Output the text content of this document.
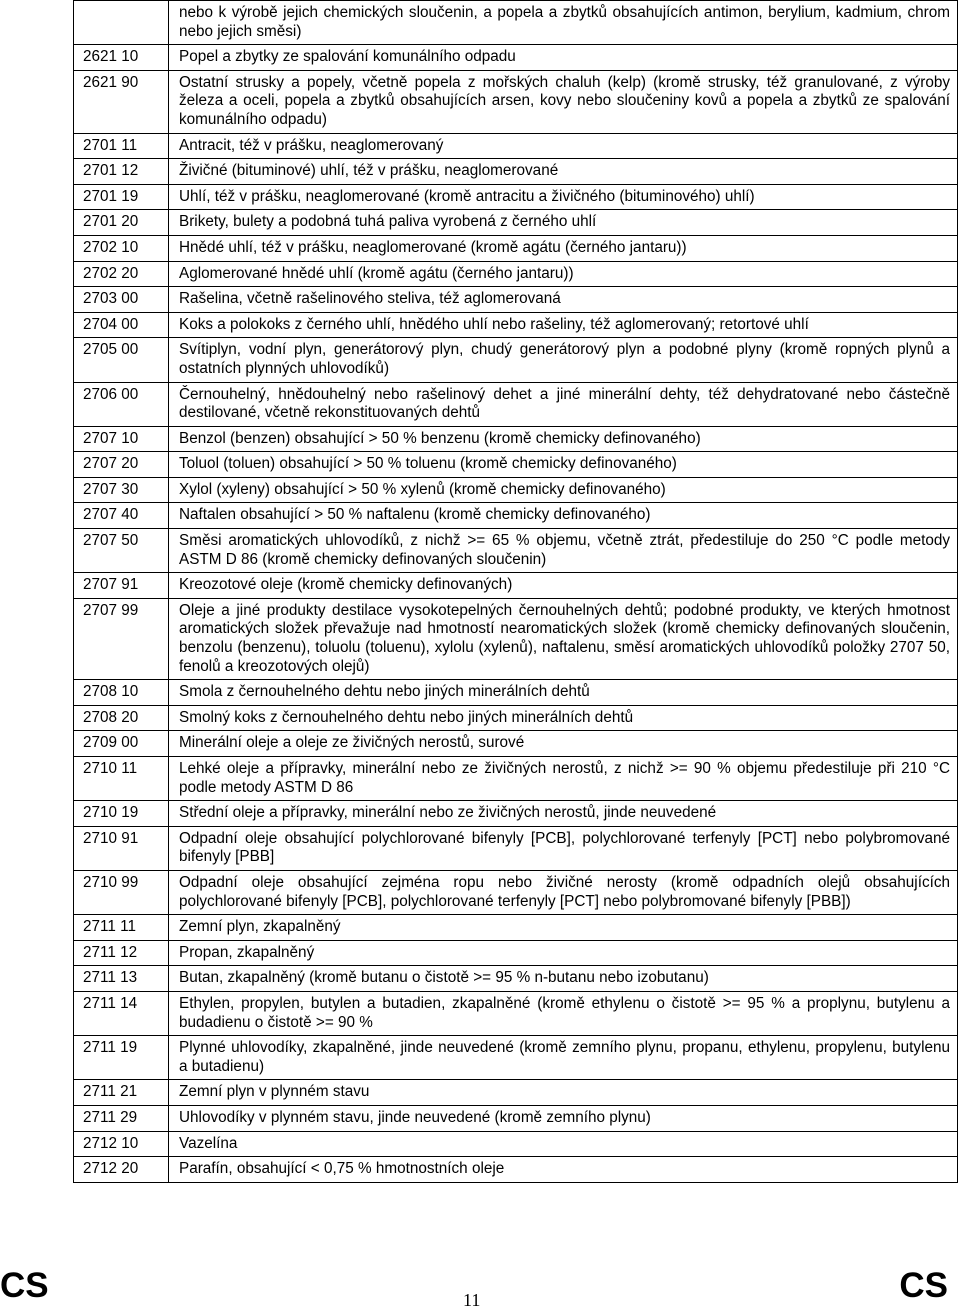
	nebo k výrobě jejich chemických sloučenin, a popela a zbytků obsahujících antimon, berylium, kadmium, chrom nebo jejich směsi)
2621 10	Popel a zbytky ze spalování komunálního odpadu
2621 90	Ostatní strusky a popely, včetně popela z mořských chaluh (kelp) (kromě strusky, též granulované, z výroby železa a oceli, popela a zbytků obsahujících arsen, kovy nebo sloučeniny kovů a popela a zbytků ze spalování komunálního odpadu)
2701 11	Antracit, též v prášku, neaglomerovaný
2701 12	Živičné (bituminové) uhlí, též v prášku, neaglomerované
2701 19	Uhlí, též v prášku, neaglomerované (kromě antracitu a živičného (bituminového) uhlí)
2701 20	Brikety, bulety a podobná tuhá paliva vyrobená z černého uhlí
2702 10	Hnědé uhlí, též v prášku, neaglomerované (kromě agátu (černého jantaru))
2702 20	Aglomerované hnědé uhlí (kromě agátu (černého jantaru))
2703 00	Rašelina, včetně rašelinového steliva, též aglomerovaná
2704 00	Koks a polokoks z černého uhlí, hnědého uhlí nebo rašeliny, též aglomerovaný; retortové uhlí
2705 00	Svítiplyn, vodní plyn, generátorový plyn, chudý generátorový plyn a podobné plyny (kromě ropných plynů a ostatních plynných uhlovodíků)
2706 00	Černouhelný, hnědouhelný nebo rašelinový dehet a jiné minerální dehty, též dehydratované nebo částečně destilované, včetně rekonstituovaných dehtů
2707 10	Benzol (benzen) obsahující > 50 % benzenu (kromě chemicky definovaného)
2707 20	Toluol (toluen) obsahující > 50 % toluenu (kromě chemicky definovaného)
2707 30	Xylol (xyleny) obsahující > 50 % xylenů (kromě chemicky definovaného)
2707 40	Naftalen obsahující > 50 % naftalenu (kromě chemicky definovaného)
2707 50	Směsi aromatických uhlovodíků, z nichž >= 65 % objemu, včetně ztrát, předestiluje do 250 °C podle metody ASTM D 86 (kromě chemicky definovaných sloučenin)
2707 91	Kreozotové oleje (kromě chemicky definovaných)
2707 99	Oleje a jiné produkty destilace vysokotepelných černouhelných dehtů; podobné produkty, ve kterých hmotnost aromatických složek převažuje nad hmotností nearomatických složek (kromě chemicky definovaných sloučenin, benzolu (benzenu), toluolu (toluenu), xylolu (xylenů), naftalenu, směsí aromatických uhlovodíků položky 2707 50, fenolů a kreozotových olejů)
2708 10	Smola z černouhelného dehtu nebo jiných minerálních dehtů
2708 20	Smolný koks z černouhelného dehtu nebo jiných minerálních dehtů
2709 00	Minerální oleje a oleje ze živičných nerostů, surové
2710 11	Lehké oleje a přípravky, minerální nebo ze živičných nerostů, z nichž >= 90 % objemu předestiluje při 210 °C podle metody ASTM D 86
2710 19	Střední oleje a přípravky, minerální nebo ze živičných nerostů, jinde neuvedené
2710 91	Odpadní oleje obsahující polychlorované bifenyly [PCB], polychlorované terfenyly [PCT] nebo polybromované bifenyly [PBB]
2710 99	Odpadní oleje obsahující zejména ropu nebo živičné nerosty (kromě odpadních olejů obsahujících polychlorované bifenyly [PCB], polychlorované terfenyly [PCT] nebo polybromované bifenyly [PBB])
2711 11	Zemní plyn, zkapalněný
2711 12	Propan, zkapalněný
2711 13	Butan, zkapalněný (kromě butanu o čistotě >= 95 % n-butanu nebo izobutanu)
2711 14	Ethylen, propylen, butylen a butadien, zkapalněné (kromě ethylenu o čistotě >= 95 % a proplynu, butylenu a budadienu o čistotě >= 90 %
2711 19	Plynné uhlovodíky, zkapalněné, jinde neuvedené (kromě zemního plynu, propanu, ethylenu, propylenu, butylenu a butadienu)
2711 21	Zemní plyn v plynném stavu
2711 29	Uhlovodíky v plynném stavu, jinde neuvedené (kromě zemního plynu)
2712 10	Vazelína
2712 20	Parafín, obsahující < 0,75 % hmotnostních oleje
CS	11	CS
